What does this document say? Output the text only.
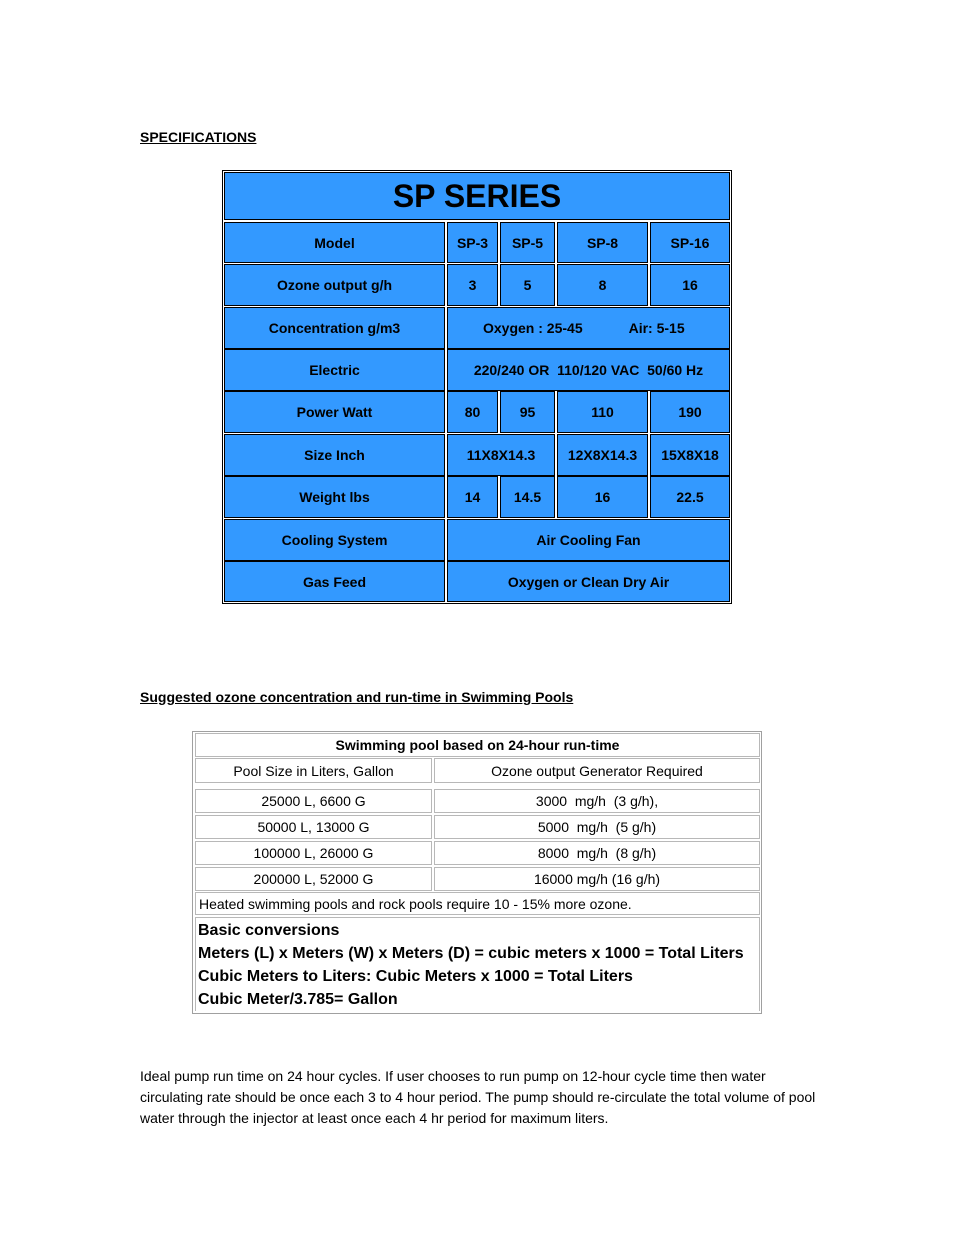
SPECIFICATIONS
SP SERIES
Model	SP-3	SP-5	SP-8	SP-16
Ozone output g/h	3	5	8	16
Concentration g/m3	Oxygen : 25-45	Air: 5-15
Electric	220/240 OR  110/120 VAC  50/60 Hz
Power Watt	80	95	110	190
Size Inch	11X8X14.3	12X8X14.3	15X8X18
Weight lbs	14	14.5	16	22.5
Cooling System	Air Cooling Fan
Gas Feed	Oxygen or Clean Dry Air
Suggested ozone concentration and run-time in Swimming Pools
Swimming pool based on 24-hour run-time
Pool Size in Liters, Gallon	Ozone output Generator Required
25000 L, 6600 G	3000  mg/h  (3 g/h),
50000 L, 13000 G	5000  mg/h  (5 g/h)
100000 L, 26000 G	8000  mg/h  (8 g/h)
200000 L, 52000 G	16000 mg/h (16 g/h)
Heated swimming pools and rock pools require 10 - 15% more ozone.
Basic conversions
Meters (L) x Meters (W) x Meters (D) = cubic meters x 1000 = Total Liters
Cubic Meters to Liters: Cubic Meters x 1000 = Total Liters
Cubic Meter/3.785= Gallon
Ideal pump run time on 24 hour cycles. If user chooses to run pump on 12-hour cycle time then water circulating rate should be once each 3 to 4 hour period. The pump should re-circulate the total volume of pool water through the injector at least once each 4 hr period for maximum liters.
